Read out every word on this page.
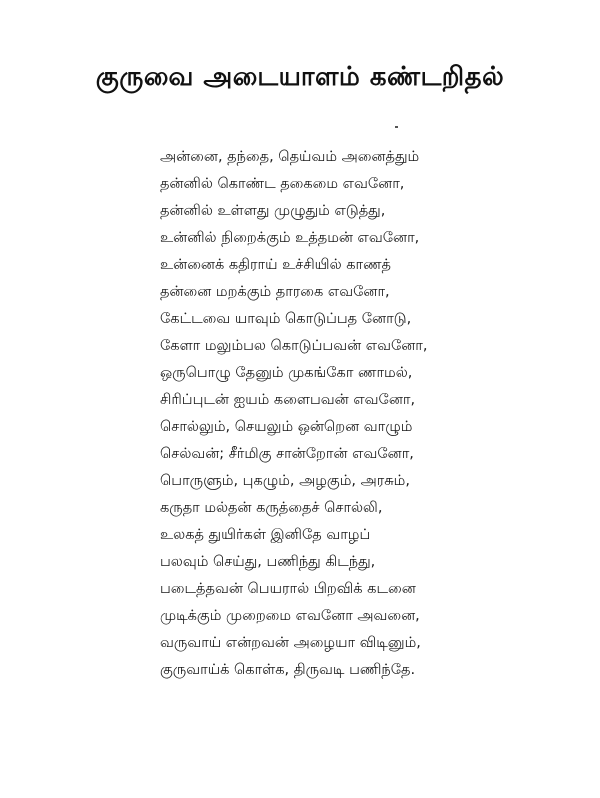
குருவை அடையாளம் கண்டறிதல்
அன்னை, தந்தை, தெய்வம் அனைத்தும்
தன்னில் கொண்ட தகைமை எவனோ,
தன்னில் உள்ளது முழுதும் எடுத்து,
உன்னில் நிறைக்கும் உத்தமன் எவனோ,
உன்னைக் கதிராய் உச்சியில் காணத்
தன்னை மறக்கும் தாரகை எவனோ,
கேட்டவை யாவும் கொடுப்பத னோடு,
கேளா மலும்பல கொடுப்பவன் எவனோ,
ஒருபொழு தேனும் முகங்கோ ணாமல்,
சிரிப்புடன் ஐயம் களைபவன் எவனோ,
சொல்லும், செயலும் ஒன்றென வாழும்
செல்வன்; சீர்மிகு சான்றோன் எவனோ,
பொருளும், புகழும், அழகும், அரசும்,
கருதா மல்தன் கருத்தைச் சொல்லி,
உலகத் துயிர்கள் இனிதே வாழப்
பலவும் செய்து, பணிந்து கிடந்து,
படைத்தவன் பெயரால் பிறவிக் கடனை
முடிக்கும் முறைமை எவனோ அவனை,
வருவாய் என்றவன் அழையா விடினும்,
குருவாய்க் கொள்க, திருவடி பணிந்தே.
